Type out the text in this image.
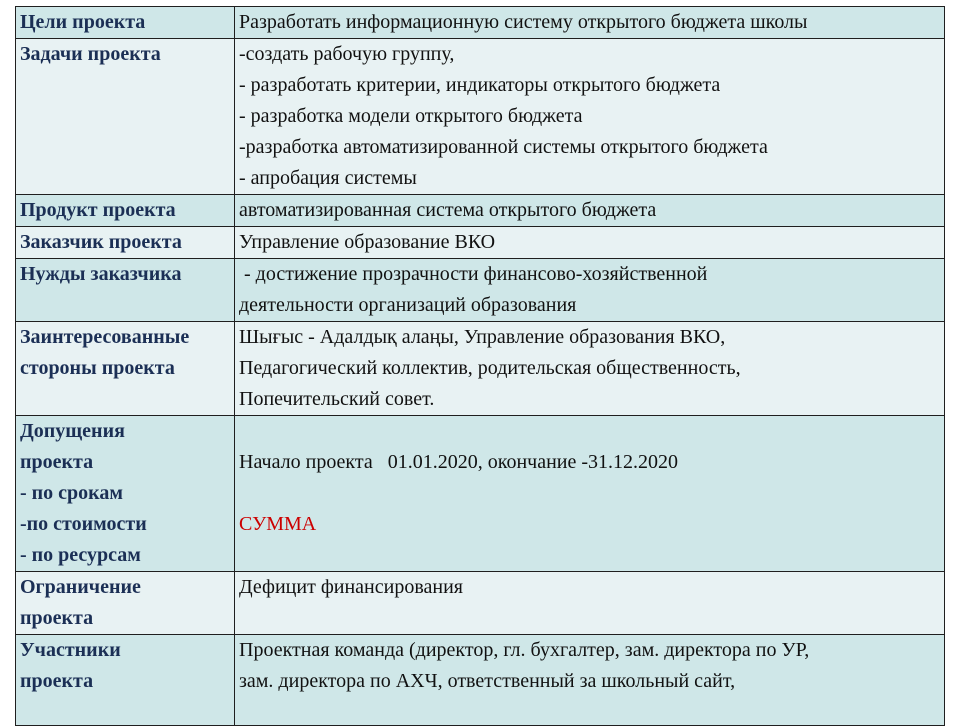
Цели проекта	Разработать информационную систему открытого бюджета школы

Задачи проекта	-создать рабочую группу,
- разработать критерии, индикаторы открытого бюджета
- разработка модели открытого бюджета
-разработка автоматизированной системы открытого бюджета
- апробация системы

Продукт проекта	автоматизированная система открытого бюджета

Заказчик проекта	Управление образование ВКО

Нужды заказчика	- достижение прозрачности финансово-хозяйственной
деятельности организаций образования

Заинтересованные
стороны проекта	Шығыс - Адалдық алаңы, Управление образования ВКО,
Педагогический коллектив, родительская общественность,
Попечительский совет.

Допущения
проекта
- по срокам
-по стоимости
- по ресурсам	Начало проекта   01.01.2020, окончание -31.12.2020
СУММА

Ограничение
проекта	Дефицит финансирования

Участники
проекта	Проектная команда (директор, гл. бухгалтер, зам. директора по УР,
зам. директора по АХЧ, ответственный за школьный сайт,
